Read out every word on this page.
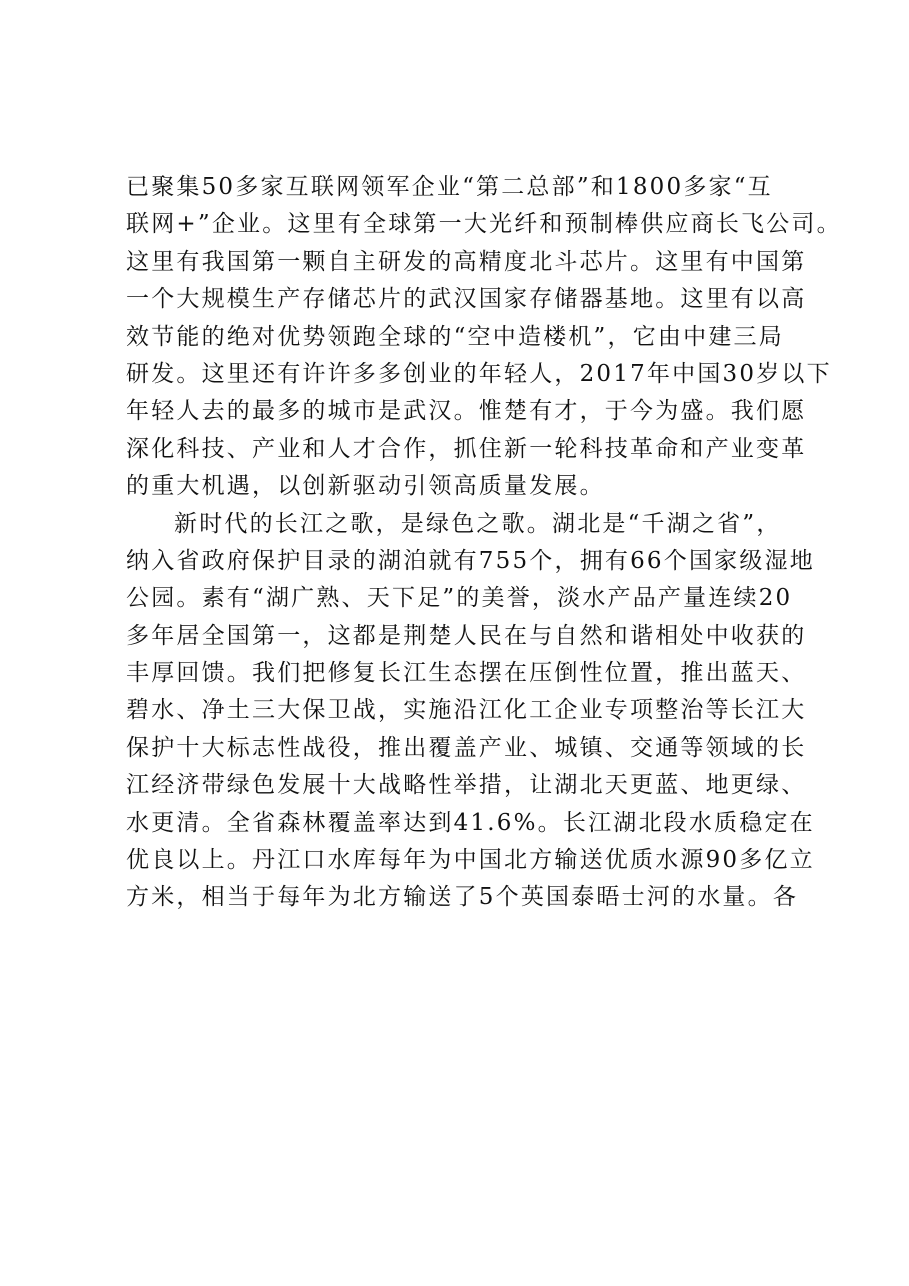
已聚集50多家互联网领军企业“第二总部”和1800多家“互
联网+”企业。这里有全球第一大光纤和预制棒供应商长飞公司。
这里有我国第一颗自主研发的高精度北斗芯片。这里有中国第
一个大规模生产存储芯片的武汉国家存储器基地。这里有以高
效节能的绝对优势领跑全球的“空中造楼机”，它由中建三局
研发。这里还有许许多多创业的年轻人，2017年中国30岁以下
年轻人去的最多的城市是武汉。惟楚有才，于今为盛。我们愿
深化科技、产业和人才合作，抓住新一轮科技革命和产业变革
的重大机遇，以创新驱动引领高质量发展。
新时代的长江之歌，是绿色之歌。湖北是“千湖之省”，
纳入省政府保护目录的湖泊就有755个，拥有66个国家级湿地
公园。素有“湖广熟、天下足”的美誉，淡水产品产量连续20
多年居全国第一，这都是荆楚人民在与自然和谐相处中收获的
丰厚回馈。我们把修复长江生态摆在压倒性位置，推出蓝天、
碧水、净土三大保卫战，实施沿江化工企业专项整治等长江大
保护十大标志性战役，推出覆盖产业、城镇、交通等领域的长
江经济带绿色发展十大战略性举措，让湖北天更蓝、地更绿、
水更清。全省森林覆盖率达到41.6%。长江湖北段水质稳定在
优良以上。丹江口水库每年为中国北方输送优质水源90多亿立
方米，相当于每年为北方输送了5个英国泰晤士河的水量。各
